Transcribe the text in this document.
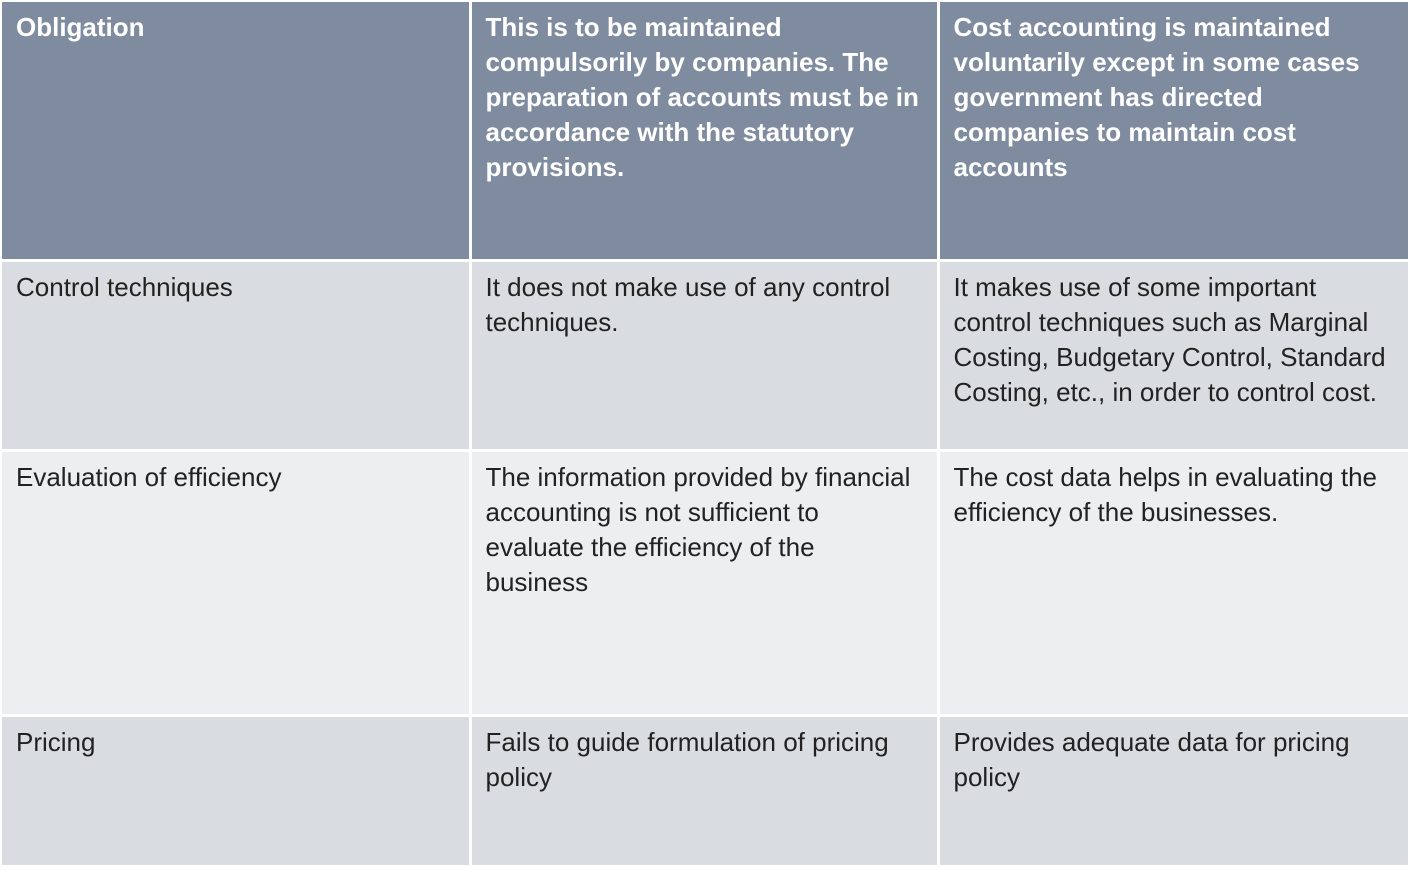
Obligation	This is to be maintained compulsorily by companies. The preparation of accounts must be in accordance with the statutory provisions.	Cost accounting is maintained voluntarily except in some cases government has directed companies to maintain cost accounts
Control techniques	It does not make use of any control techniques.	It makes use of some important control techniques such as Marginal Costing, Budgetary Control, Standard Costing, etc., in order to control cost.
Evaluation of efficiency	The information provided by financial accounting is not sufficient to evaluate the efficiency of the business	The cost data helps in evaluating the efficiency of the businesses.
Pricing	Fails to guide formulation of pricing policy	Provides adequate data for pricing policy
